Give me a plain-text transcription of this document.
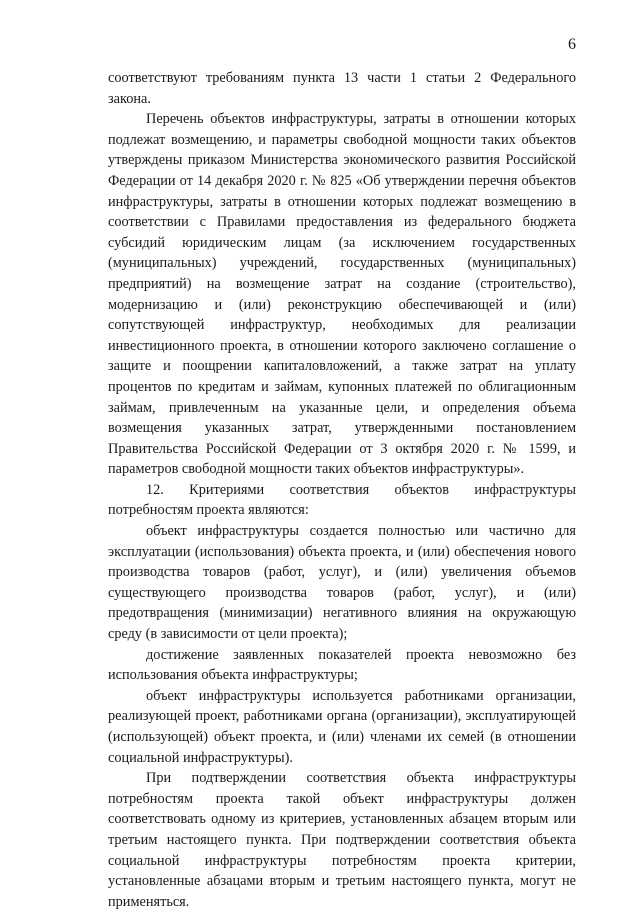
6

соответствуют требованиям пункта 13 части 1 статьи 2 Федерального закона.

Перечень объектов инфраструктуры, затраты в отношении которых подлежат возмещению, и параметры свободной мощности таких объектов утверждены приказом Министерства экономического развития Российской Федерации от 14 декабря 2020 г. № 825 «Об утверждении перечня объектов инфраструктуры, затраты в отношении которых подлежат возмещению в соответствии с Правилами предоставления из федерального бюджета субсидий юридическим лицам (за исключением государственных (муниципальных) учреждений, государственных (муниципальных) предприятий) на возмещение затрат на создание (строительство), модернизацию и (или) реконструкцию обеспечивающей и (или) сопутствующей инфраструктур, необходимых для реализации инвестиционного проекта, в отношении которого заключено соглашение о защите и поощрении капиталовложений, а также затрат на уплату процентов по кредитам и займам, купонных платежей по облигационным займам, привлеченным на указанные цели, и определения объема возмещения указанных затрат, утвержденными постановлением Правительства Российской Федерации от 3 октября 2020 г. № 1599, и параметров свободной мощности таких объектов инфраструктуры».

12. Критериями соответствия объектов инфраструктуры потребностям проекта являются:

объект инфраструктуры создается полностью или частично для эксплуатации (использования) объекта проекта, и (или) обеспечения нового производства товаров (работ, услуг), и (или) увеличения объемов существующего производства товаров (работ, услуг), и (или) предотвращения (минимизации) негативного влияния на окружающую среду (в зависимости от цели проекта);

достижение заявленных показателей проекта невозможно без использования объекта инфраструктуры;

объект инфраструктуры используется работниками организации, реализующей проект, работниками органа (организации), эксплуатирующей (использующей) объект проекта, и (или) членами их семей (в отношении социальной инфраструктуры).

При подтверждении соответствия объекта инфраструктуры потребностям проекта такой объект инфраструктуры должен соответствовать одному из критериев, установленных абзацем вторым или третьим настоящего пункта. При подтверждении соответствия объекта социальной инфраструктуры потребностям проекта критерии, установленные абзацами вторым и третьим настоящего пункта, могут не применяться.
